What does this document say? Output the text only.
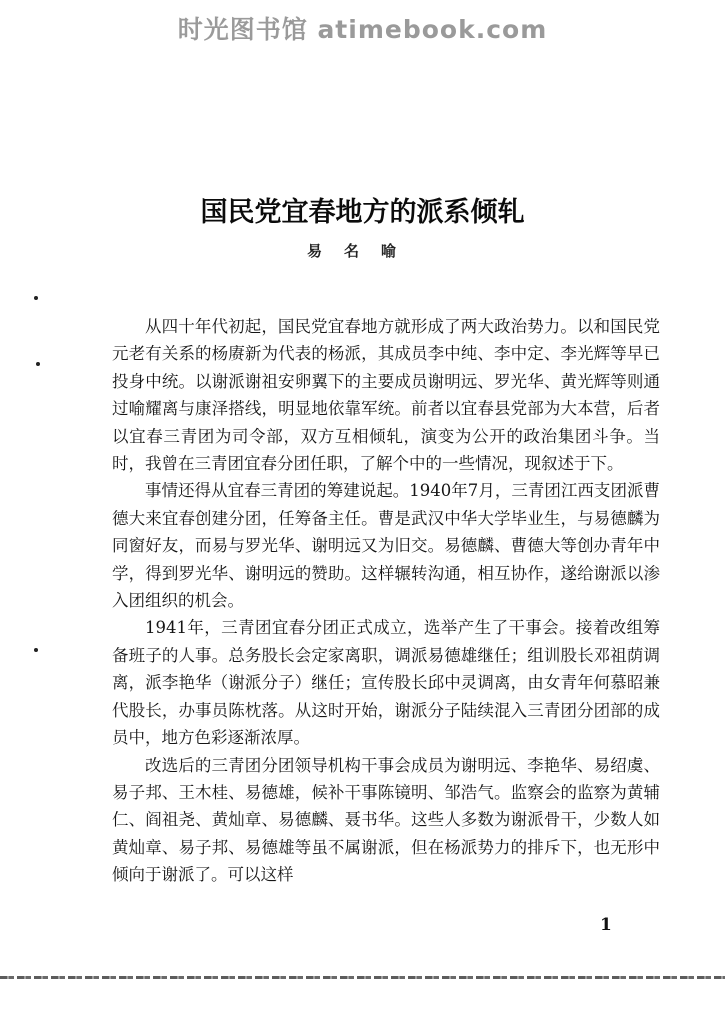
时光图书馆 atimebook.com
国民党宜春地方的派系倾轧
易名喻

从四十年代初起，国民党宜春地方就形成了两大政治势力。以和国民党元老有关系的杨赓新为代表的杨派，其成员李中纯、李中定、李光辉等早已投身中统。以谢派谢祖安卵翼下的主要成员谢明远、罗光华、黄光辉等则通过喻耀离与康泽搭线，明显地依靠军统。前者以宜春县党部为大本营，后者以宜春三青团为司令部，双方互相倾轧，演变为公开的政治集团斗争。当时，我曾在三青团宜春分团任职，了解个中的一些情况，现叙述于下。

事情还得从宜春三青团的筹建说起。1940年7月，三青团江西支团派曹德大来宜春创建分团，任筹备主任。曹是武汉中华大学毕业生，与易德麟为同窗好友，而易与罗光华、谢明远又为旧交。易德麟、曹德大等创办青年中学，得到罗光华、谢明远的赞助。这样辗转沟通，相互协作，遂给谢派以渗入团组织的机会。

1941年，三青团宜春分团正式成立，选举产生了干事会。接着改组筹备班子的人事。总务股长会定家离职，调派易德雄继任；组训股长邓祖荫调离，派李艳华（谢派分子）继任；宣传股长邱中灵调离，由女青年何慕昭兼代股长，办事员陈枕落。从这时开始，谢派分子陆续混入三青团分团部的成员中，地方色彩逐渐浓厚。

改选后的三青团分团领导机构干事会成员为谢明远、李艳华、易绍虞、易子邦、王木桂、易德雄，候补干事陈镜明、邹浩气。监察会的监察为黄辅仁、阎祖尧、黄灿章、易德麟、聂书华。这些人多数为谢派骨干，少数人如黄灿章、易子邦、易德雄等虽不属谢派，但在杨派势力的排斥下，也无形中倾向于谢派了。可以这样

1
